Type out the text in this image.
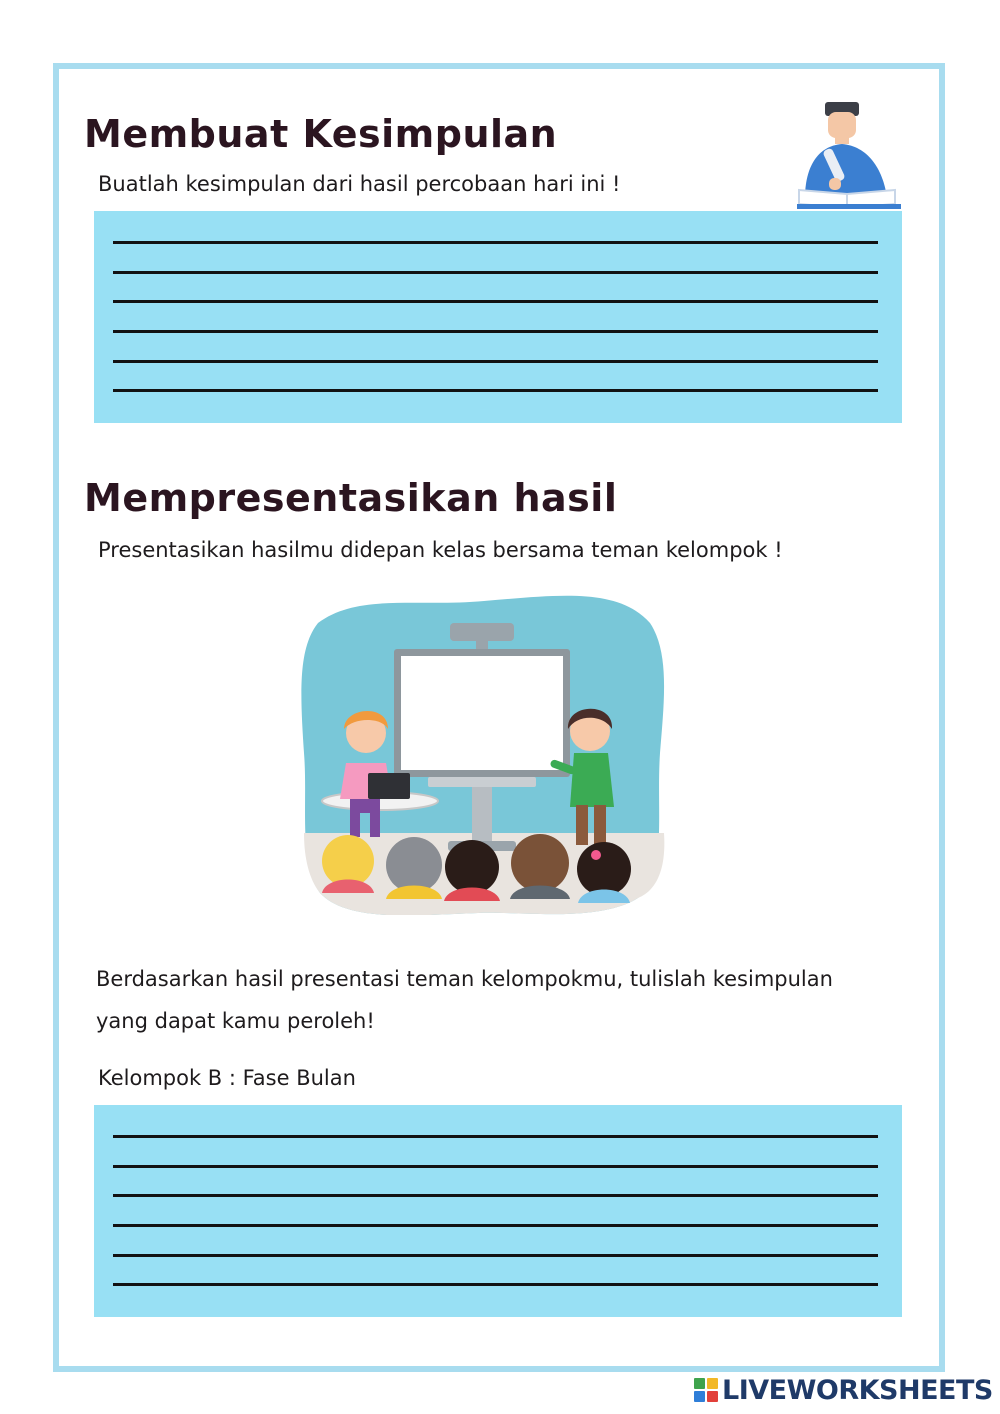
Membuat Kesimpulan

Buatlah kesimpulan dari hasil percobaan hari ini !

Mempresentasikan hasil

Presentasikan hasilmu didepan kelas bersama teman kelompok !

Berdasarkan hasil presentasi teman kelompokmu, tulislah kesimpulan

yang dapat kamu peroleh!

Kelompok B : Fase Bulan

LIVEWORKSHEETS
